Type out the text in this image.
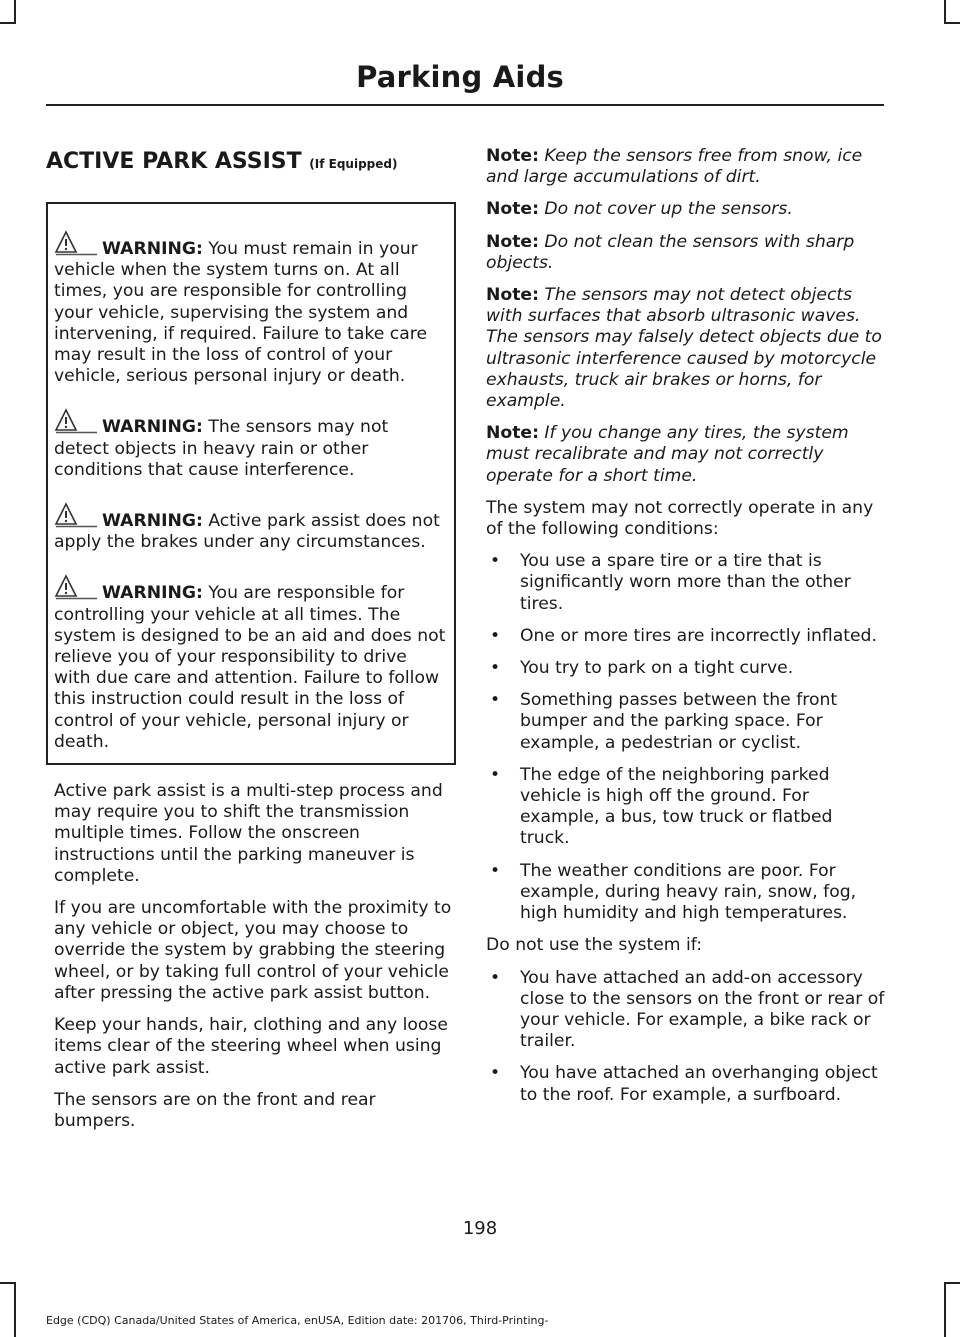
Parking Aids
ACTIVE PARK ASSIST (If Equipped)

WARNING: You must remain in your vehicle when the system turns on. At all times, you are responsible for controlling your vehicle, supervising the system and intervening, if required. Failure to take care may result in the loss of control of your vehicle, serious personal injury or death.

WARNING: The sensors may not detect objects in heavy rain or other conditions that cause interference.

WARNING: Active park assist does not apply the brakes under any circumstances.

WARNING: You are responsible for controlling your vehicle at all times. The system is designed to be an aid and does not relieve you of your responsibility to drive with due care and attention. Failure to follow this instruction could result in the loss of control of your vehicle, personal injury or death.

Active park assist is a multi-step process and may require you to shift the transmission multiple times. Follow the onscreen instructions until the parking maneuver is complete.

If you are uncomfortable with the proximity to any vehicle or object, you may choose to override the system by grabbing the steering wheel, or by taking full control of your vehicle after pressing the active park assist button.

Keep your hands, hair, clothing and any loose items clear of the steering wheel when using active park assist.

The sensors are on the front and rear bumpers.

Note: Keep the sensors free from snow, ice and large accumulations of dirt.

Note: Do not cover up the sensors.

Note: Do not clean the sensors with sharp objects.

Note: The sensors may not detect objects with surfaces that absorb ultrasonic waves. The sensors may falsely detect objects due to ultrasonic interference caused by motorcycle exhausts, truck air brakes or horns, for example.

Note: If you change any tires, the system must recalibrate and may not correctly operate for a short time.

The system may not correctly operate in any of the following conditions:

• You use a spare tire or a tire that is significantly worn more than the other tires.
• One or more tires are incorrectly inflated.
• You try to park on a tight curve.
• Something passes between the front bumper and the parking space. For example, a pedestrian or cyclist.
• The edge of the neighboring parked vehicle is high off the ground. For example, a bus, tow truck or flatbed truck.
• The weather conditions are poor. For example, during heavy rain, snow, fog, high humidity and high temperatures.

Do not use the system if:

• You have attached an add-on accessory close to the sensors on the front or rear of your vehicle. For example, a bike rack or trailer.
• You have attached an overhanging object to the roof. For example, a surfboard.
198
Edge (CDQ) Canada/United States of America, enUSA, Edition date: 201706, Third-Printing-
